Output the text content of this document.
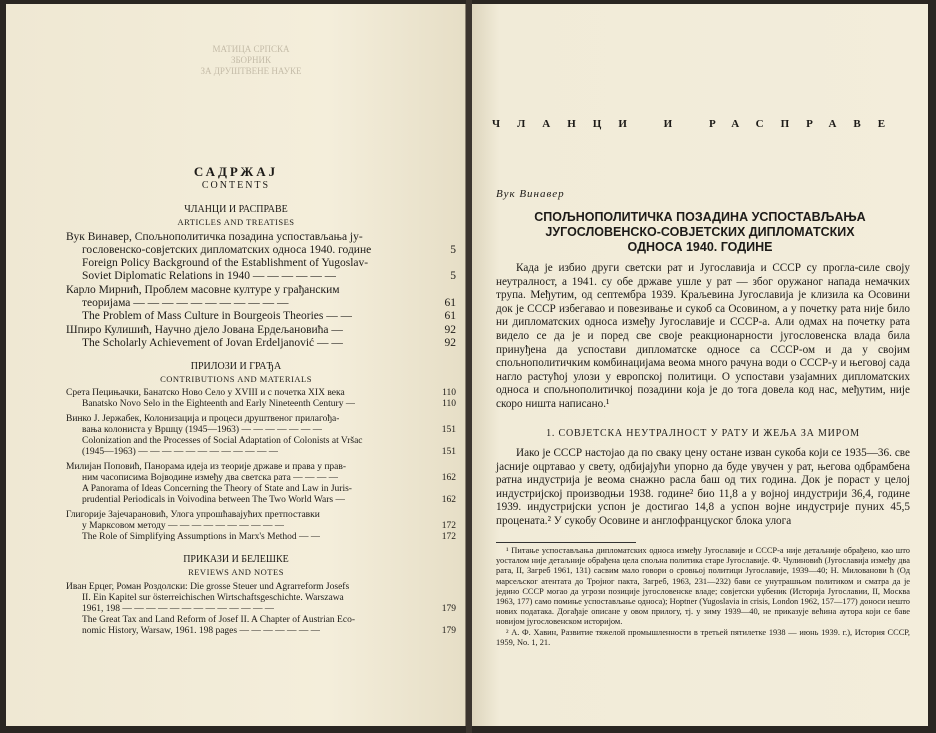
МАТИЦА СРПСКА
ЗБОРНИК
ЗА ДРУШТВЕНЕ НАУКЕ
САДРЖАЈ
CONTENTS
ЧЛАНЦИ И РАСПРАВЕ
ARTICLES AND TREATISES
Вук Винавер, Спољнополитичка позадина успостављања ју-
гословенско-совјетских дипломатских односа 1940. године	5
Foreign Policy Background of the Establishment of Yugoslav-
Soviet Diplomatic Relations in 1940 — — — — — —	5
Карло Мирнић, Проблем масовне културе у грађанским
теоријама — — — — — — — — — — —	61
The Problem of Mass Culture in Bourgeois Theories — —	61
Шпиро Кулишић, Научно дјело Јована Ердељановића —	92
The Scholarly Achievement of Jovan Erdeljanović — —	92
ПРИЛОЗИ И ГРАЂА
CONTRIBUTIONS AND MATERIALS
Срета Пецињачки, Банатско Ново Село у XVIII и с почетка XIX века	110
Banatsko Novo Selo in the Eighteenth and Early Nineteenth Century —	110
Винко Ј. Јержабек, Колонизација и процеси друштвеног прилагођа-
вања колониста у Вршцу (1945—1963) — — — — — — —	151
Colonization and the Processes of Social Adaptation of Colonists at Vršac
(1945—1963) — — — — — — — — — — — —	151
Милијан Поповић, Панорама идеја из теорије државе и права у прав-
ним часописима Војводине између два светска рата — — — —	162
A Panorama of Ideas Concerning the Theory of State and Law in Juris-
prudential Periodicals in Voivodina between The Two World Wars —	162
Глигорије Зајечарановић, Улога упрошћавајућих претпоставки
у Марксовом методу — — — — — — — — — —	172
The Role of Simplifying Assumptions in Marx's Method — —	172
ПРИКАЗИ И БЕЛЕШКЕ
REVIEWS AND NOTES
Иван Ерцег, Роман Роздолски: Die grosse Steuer und Agrarreform Josefs
II. Ein Kapitel sur österreichischen Wirtschaftsgeschichte. Warszawa
1961, 198 — — — — — — — — — — — — —	179
The Great Tax and Land Reform of Josef II. A Chapter of Austrian Eco-
nomic History, Warsaw, 1961. 198 pages — — — — — — —	179
ЧЛАНЦИ И РАСПРАВЕ
Вук Винавер
СПОЉНОПОЛИТИЧКА ПОЗАДИНА УСПОСТАВЉАЊА
ЈУГОСЛОВЕНСКО-СОВЈЕТСКИХ ДИПЛОМАТСКИХ
ОДНОСА 1940. ГОДИНЕ

Када је избио други светски рат и Југославија и СССР су прогла-силе своју неутралност, а 1941. су обе државе ушле у рат — због оружаног напада немачких трупа. Међутим, од септембра 1939. Краљевина Југославија је клизила ка Осовини док је СССР избегавао и повезивање и сукоб са Осовином, а у почетку рата није било ни дипломатских односа између Југославије и СССР-а. Али одмах на почетку рата видело се да је и поред све своје реакционарности југословенска влада била принуђена да успостави дипломатске односе са СССР-ом и да у својим спољнополитичким комбинацијама веома много рачуна води о СССР-у и његовој сада нагло растућој улози у европској политици. О успостави узајамних дипломатских односа и спољнополитичкој позадини која је до тога довела код нас, међутим, није скоро ништа написано.¹

1. СОВЈЕТСКА НЕУТРАЛНОСТ У РАТУ И ЖЕЉА ЗА МИРОМ

Иако је СССР настојао да по сваку цену остане изван сукоба који се 1935—36. све јасније оцртавао у свету, одбијајући упорно да буде увучен у рат, његова одбрамбена ратна индустрија је веома снажно расла баш од тих година. Док је пораст у целој индустријској производњи 1938. године² био 11,8 а у војној индустрији 36,4, године 1939. индустријски успон је достигао 14,8 а успон војне индустрије пуних 45,5 процената.² У сукобу Осовине и англофранцуског блока улога

¹ Питање успостављања дипломатских односа између Југославије и СССР-а није детаљније обрађено, као што уосталом није детаљније обрађена цела спољна политика старе Југославије. Ф. Чулиновић (Југославија између два рата, II, Загреб 1961, 131) сасвим мало говори о сровњој политици Југославије, 1939—40; Н. Милованови ћ (Од марсељског атентата до Тројног пакта, Загреб, 1963, 231—232) бави се унутрашњом политиком и сматра да је једино СССР могао да угрози позиције југословенске владе; совјетски уџбеник (Историја Југославии, II, Москва 1963, 177) само помиње успостављање односа); Hoptner (Yugoslavia in crisis, London 1962, 157—177) доноси нешто нових података. Догађаје описане у овом прилогу, тј. у зиму 1939—40, не приказује већина аутора који се баве новијом југословенском историјом.

² А. Ф. Хавин, Развитие тяжелой промышленности в третьей пятилетке 1938 — июнь 1939. г.), История СССР, 1959, No. 1, 21.
